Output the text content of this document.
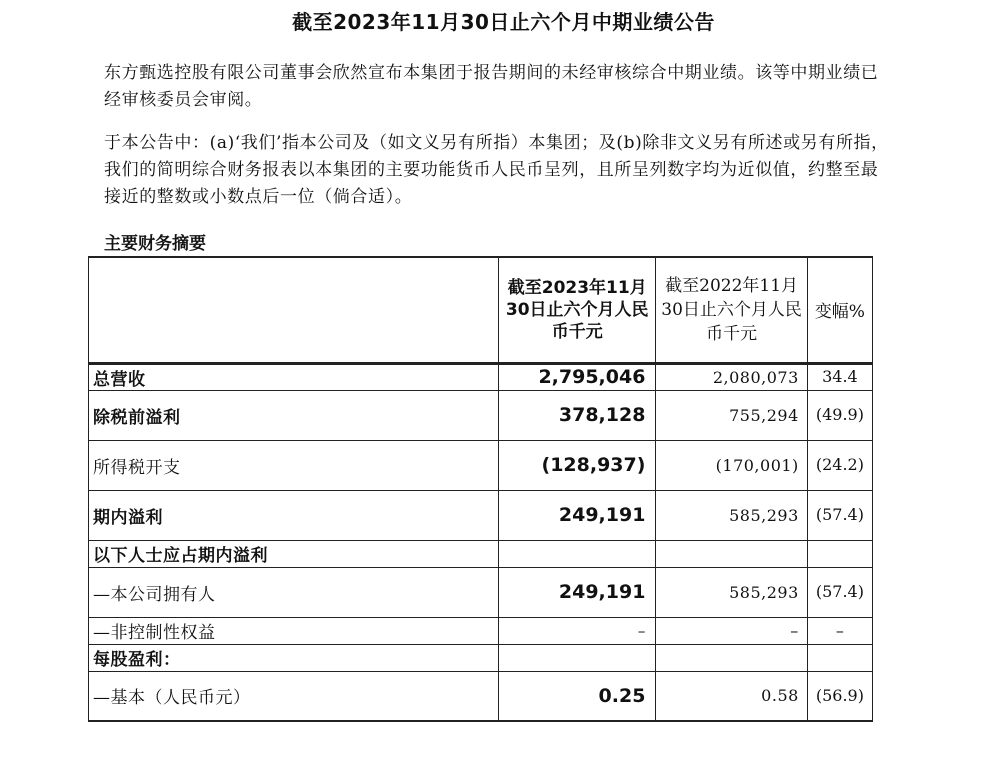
截至2023年11月30日止六个月中期业绩公告
东方甄选控股有限公司董事会欣然宣布本集团于报告期间的未经审核综合中期业绩。该等中期业绩已经审核委员会审阅。
于本公告中：(a)‘我们’指本公司及（如文义另有所指）本集团；及(b)除非文义另有所述或另有所指，我们的简明综合财务报表以本集团的主要功能货币人民币呈列，且所呈列数字均为近似值，约整至最接近的整数或小数点后一位（倘合适）。
主要财务摘要
	截至2023年11月30日止六个月人民币千元	截至2022年11月30日止六个月人民币千元	变幅%
总营收	2,795,046	2,080,073	34.4
除税前溢利	378,128	755,294	(49.9)
所得税开支	(128,937)	(170,001)	(24.2)
期内溢利	249,191	585,293	(57.4)
以下人士应占期内溢利			
—本公司拥有人	249,191	585,293	(57.4)
—非控制性权益	–	–	–
每股盈利：			
—基本（人民币元）	0.25	0.58	(56.9)
